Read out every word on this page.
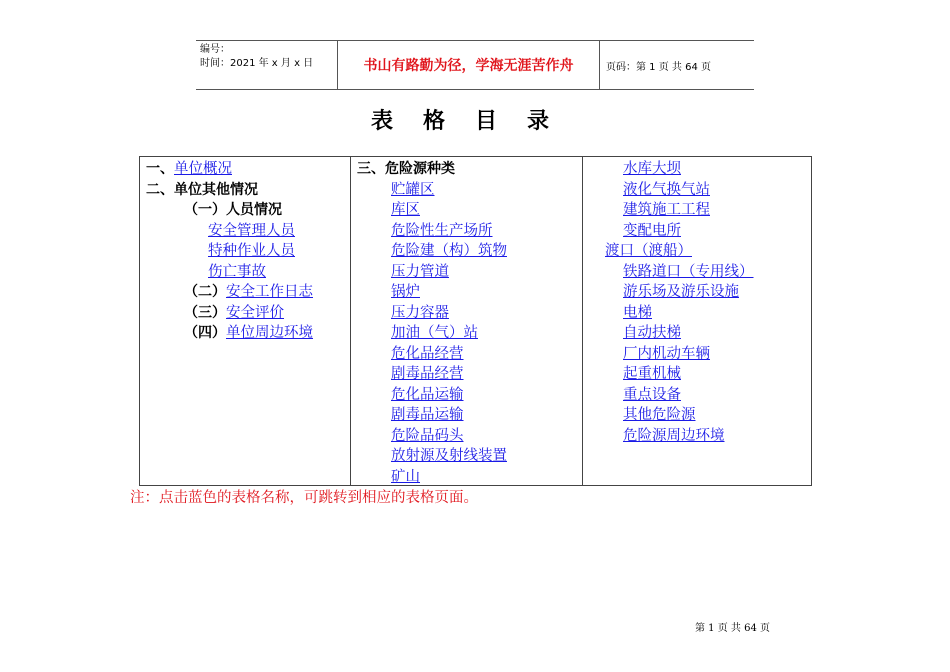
编号：
时间：2021 年 x 月 x 日	书山有路勤为径，学海无涯苦作舟	页码：第 1 页 共 64 页
表格目录
一、单位概况
二、单位其他情况
（一）人员情况
安全管理人员
特种作业人员
伤亡事故
（二）安全工作日志
（三）安全评价
（四）单位周边环境
三、危险源种类
贮罐区
库区
危险性生产场所
危险建（构）筑物
压力管道
锅炉
压力容器
加油（气）站
危化品经营
剧毒品经营
危化品运输
剧毒品运输
危险品码头
放射源及射线装置
矿山
水库大坝
液化气换气站
建筑施工工程
变配电所
渡口（渡船）
铁路道口（专用线）
游乐场及游乐设施
电梯
自动扶梯
厂内机动车辆
起重机械
重点设备
其他危险源
危险源周边环境
注：点击蓝色的表格名称，可跳转到相应的表格页面。
第 1 页 共 64 页
